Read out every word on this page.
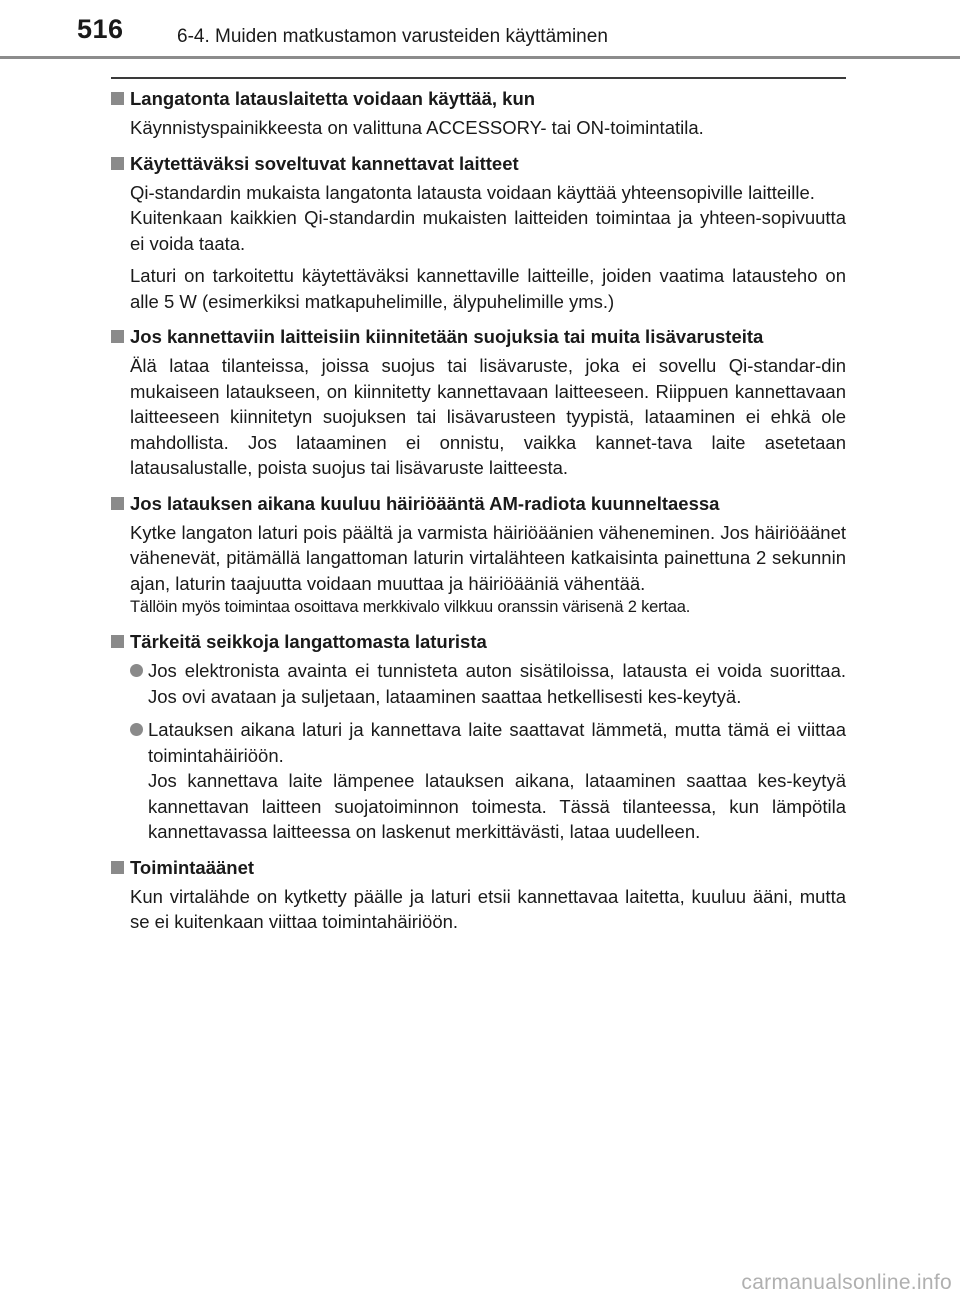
516	6-4. Muiden matkustamon varusteiden käyttäminen
Langatonta latauslaitetta voidaan käyttää, kun
Käynnistyspainikkeesta on valittuna ACCESSORY- tai ON-toimintatila.
Käytettäväksi soveltuvat kannettavat laitteet
Qi-standardin mukaista langatonta latausta voidaan käyttää yhteensopiville laitteille.
Kuitenkaan kaikkien Qi-standardin mukaisten laitteiden toimintaa ja yhteen-sopivuutta ei voida taata.
Laturi on tarkoitettu käytettäväksi kannettaville laitteille, joiden vaatima latausteho on alle 5 W (esimerkiksi matkapuhelimille, älypuhelimille yms.)
Jos kannettaviin laitteisiin kiinnitetään suojuksia tai muita lisävarusteita
Älä lataa tilanteissa, joissa suojus tai lisävaruste, joka ei sovellu Qi-standar-din mukaiseen lataukseen, on kiinnitetty kannettavaan laitteeseen. Riippuen kannettavaan laitteeseen kiinnitetyn suojuksen tai lisävarusteen tyypistä, lataaminen ei ehkä ole mahdollista. Jos lataaminen ei onnistu, vaikka kannet-tava laite asetetaan latausalustalle, poista suojus tai lisävaruste laitteesta.
Jos latauksen aikana kuuluu häiriöääntä AM-radiota kuunneltaessa
Kytke langaton laturi pois päältä ja varmista häiriöäänien väheneminen. Jos häiriöäänet vähenevät, pitämällä langattoman laturin virtalähteen katkaisinta painettuna 2 sekunnin ajan, laturin taajuutta voidaan muuttaa ja häiriöääniä vähentää.
Tällöin myös toimintaa osoittava merkkivalo vilkkuu oranssin värisenä 2 kertaa.
Tärkeitä seikkoja langattomasta laturista
Jos elektronista avainta ei tunnisteta auton sisätiloissa, latausta ei voida suorittaa. Jos ovi avataan ja suljetaan, lataaminen saattaa hetkellisesti kes-keytyä.
Latauksen aikana laturi ja kannettava laite saattavat lämmetä, mutta tämä ei viittaa toimintahäiriöön.
Jos kannettava laite lämpenee latauksen aikana, lataaminen saattaa kes-keytyä kannettavan laitteen suojatoiminnon toimesta. Tässä tilanteessa, kun lämpötila kannettavassa laitteessa on laskenut merkittävästi, lataa uudelleen.
Toimintaäänet
Kun virtalähde on kytketty päälle ja laturi etsii kannettavaa laitetta, kuuluu ääni, mutta se ei kuitenkaan viittaa toimintahäiriöön.
carmanualsonline.info
